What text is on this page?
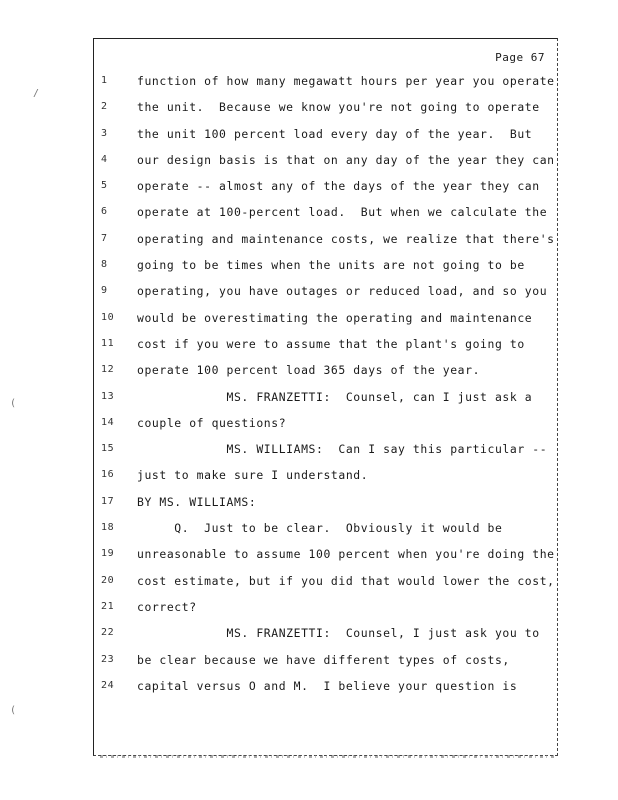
Page 67
1	function of how many megawatt hours per year you operate
2	the unit.  Because we know you're not going to operate
3	the unit 100 percent load every day of the year.  But
4	our design basis is that on any day of the year they can
5	operate -- almost any of the days of the year they can
6	operate at 100-percent load.  But when we calculate the
7	operating and maintenance costs, we realize that there's
8	going to be times when the units are not going to be
9	operating, you have outages or reduced load, and so you
10	would be overestimating the operating and maintenance
11	cost if you were to assume that the plant's going to
12	operate 100 percent load 365 days of the year.
13	MS. FRANZETTI:  Counsel, can I just ask a
14	couple of questions?
15	MS. WILLIAMS:  Can I say this particular --
16	just to make sure I understand.
17	BY MS. WILLIAMS:
18	Q.  Just to be clear.  Obviously it would be
19	unreasonable to assume 100 percent when you're doing the
20	cost estimate, but if you did that would lower the cost,
21	correct?
22	MS. FRANZETTI:  Counsel, I just ask you to
23	be clear because we have different types of costs,
24	capital versus O and M.  I believe your question is
/
(
(
